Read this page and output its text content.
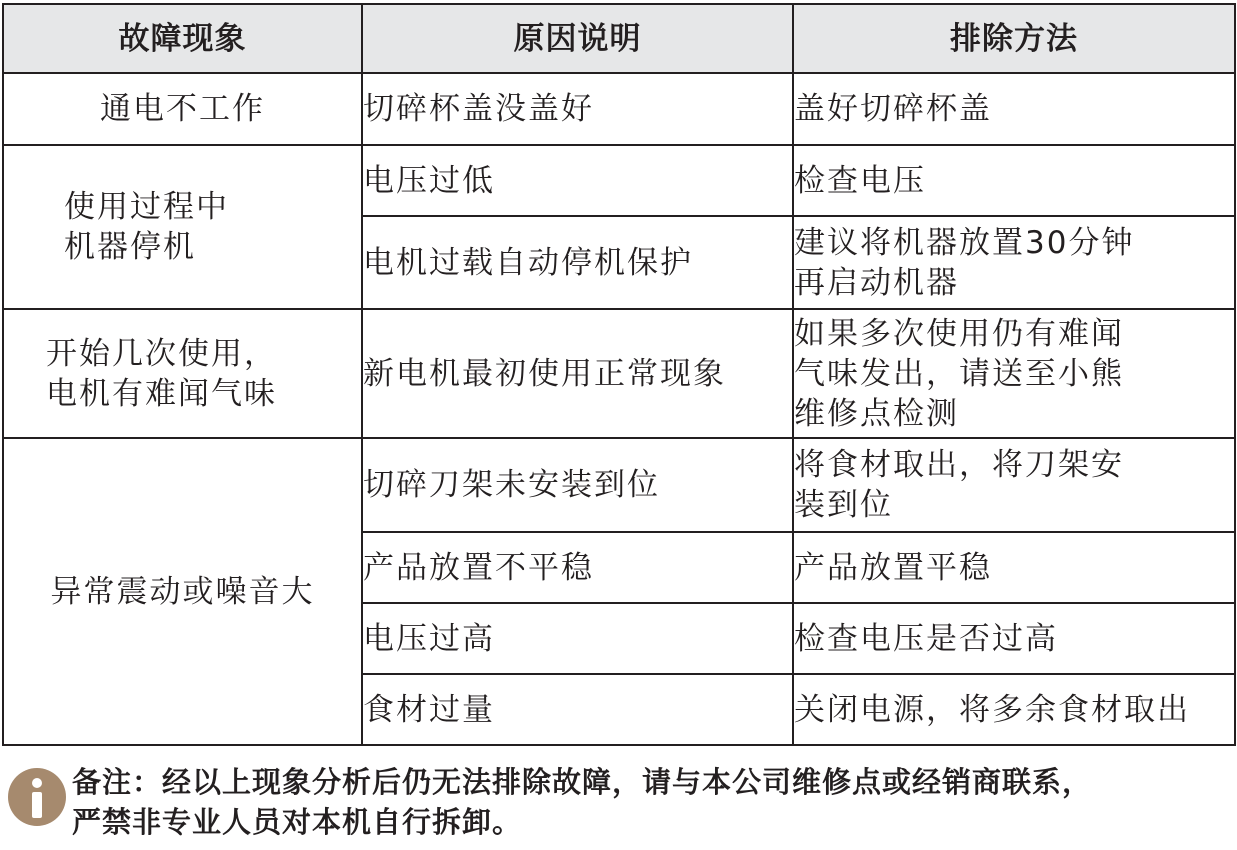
故障现象	原因说明	排除方法
通电不工作	切碎杯盖没盖好	盖好切碎杯盖

使用过程中
机器停机	电压过低	检查电压

	电机过载自动停机保护	建议将机器放置30分钟
再启动机器

开始几次使用，
电机有难闻气味	新电机最初使用正常现象	如果多次使用仍有难闻
气味发出，请送至小熊
维修点检测

异常震动或噪音大	切碎刀架未安装到位	将食材取出，将刀架安
装到位

	产品放置不平稳	产品放置平稳

	电压过高	检查电压是否过高

	食材过量	关闭电源，将多余食材取出
备注：经以上现象分析后仍无法排除故障，请与本公司维修点或经销商联系，
严禁非专业人员对本机自行拆卸。
